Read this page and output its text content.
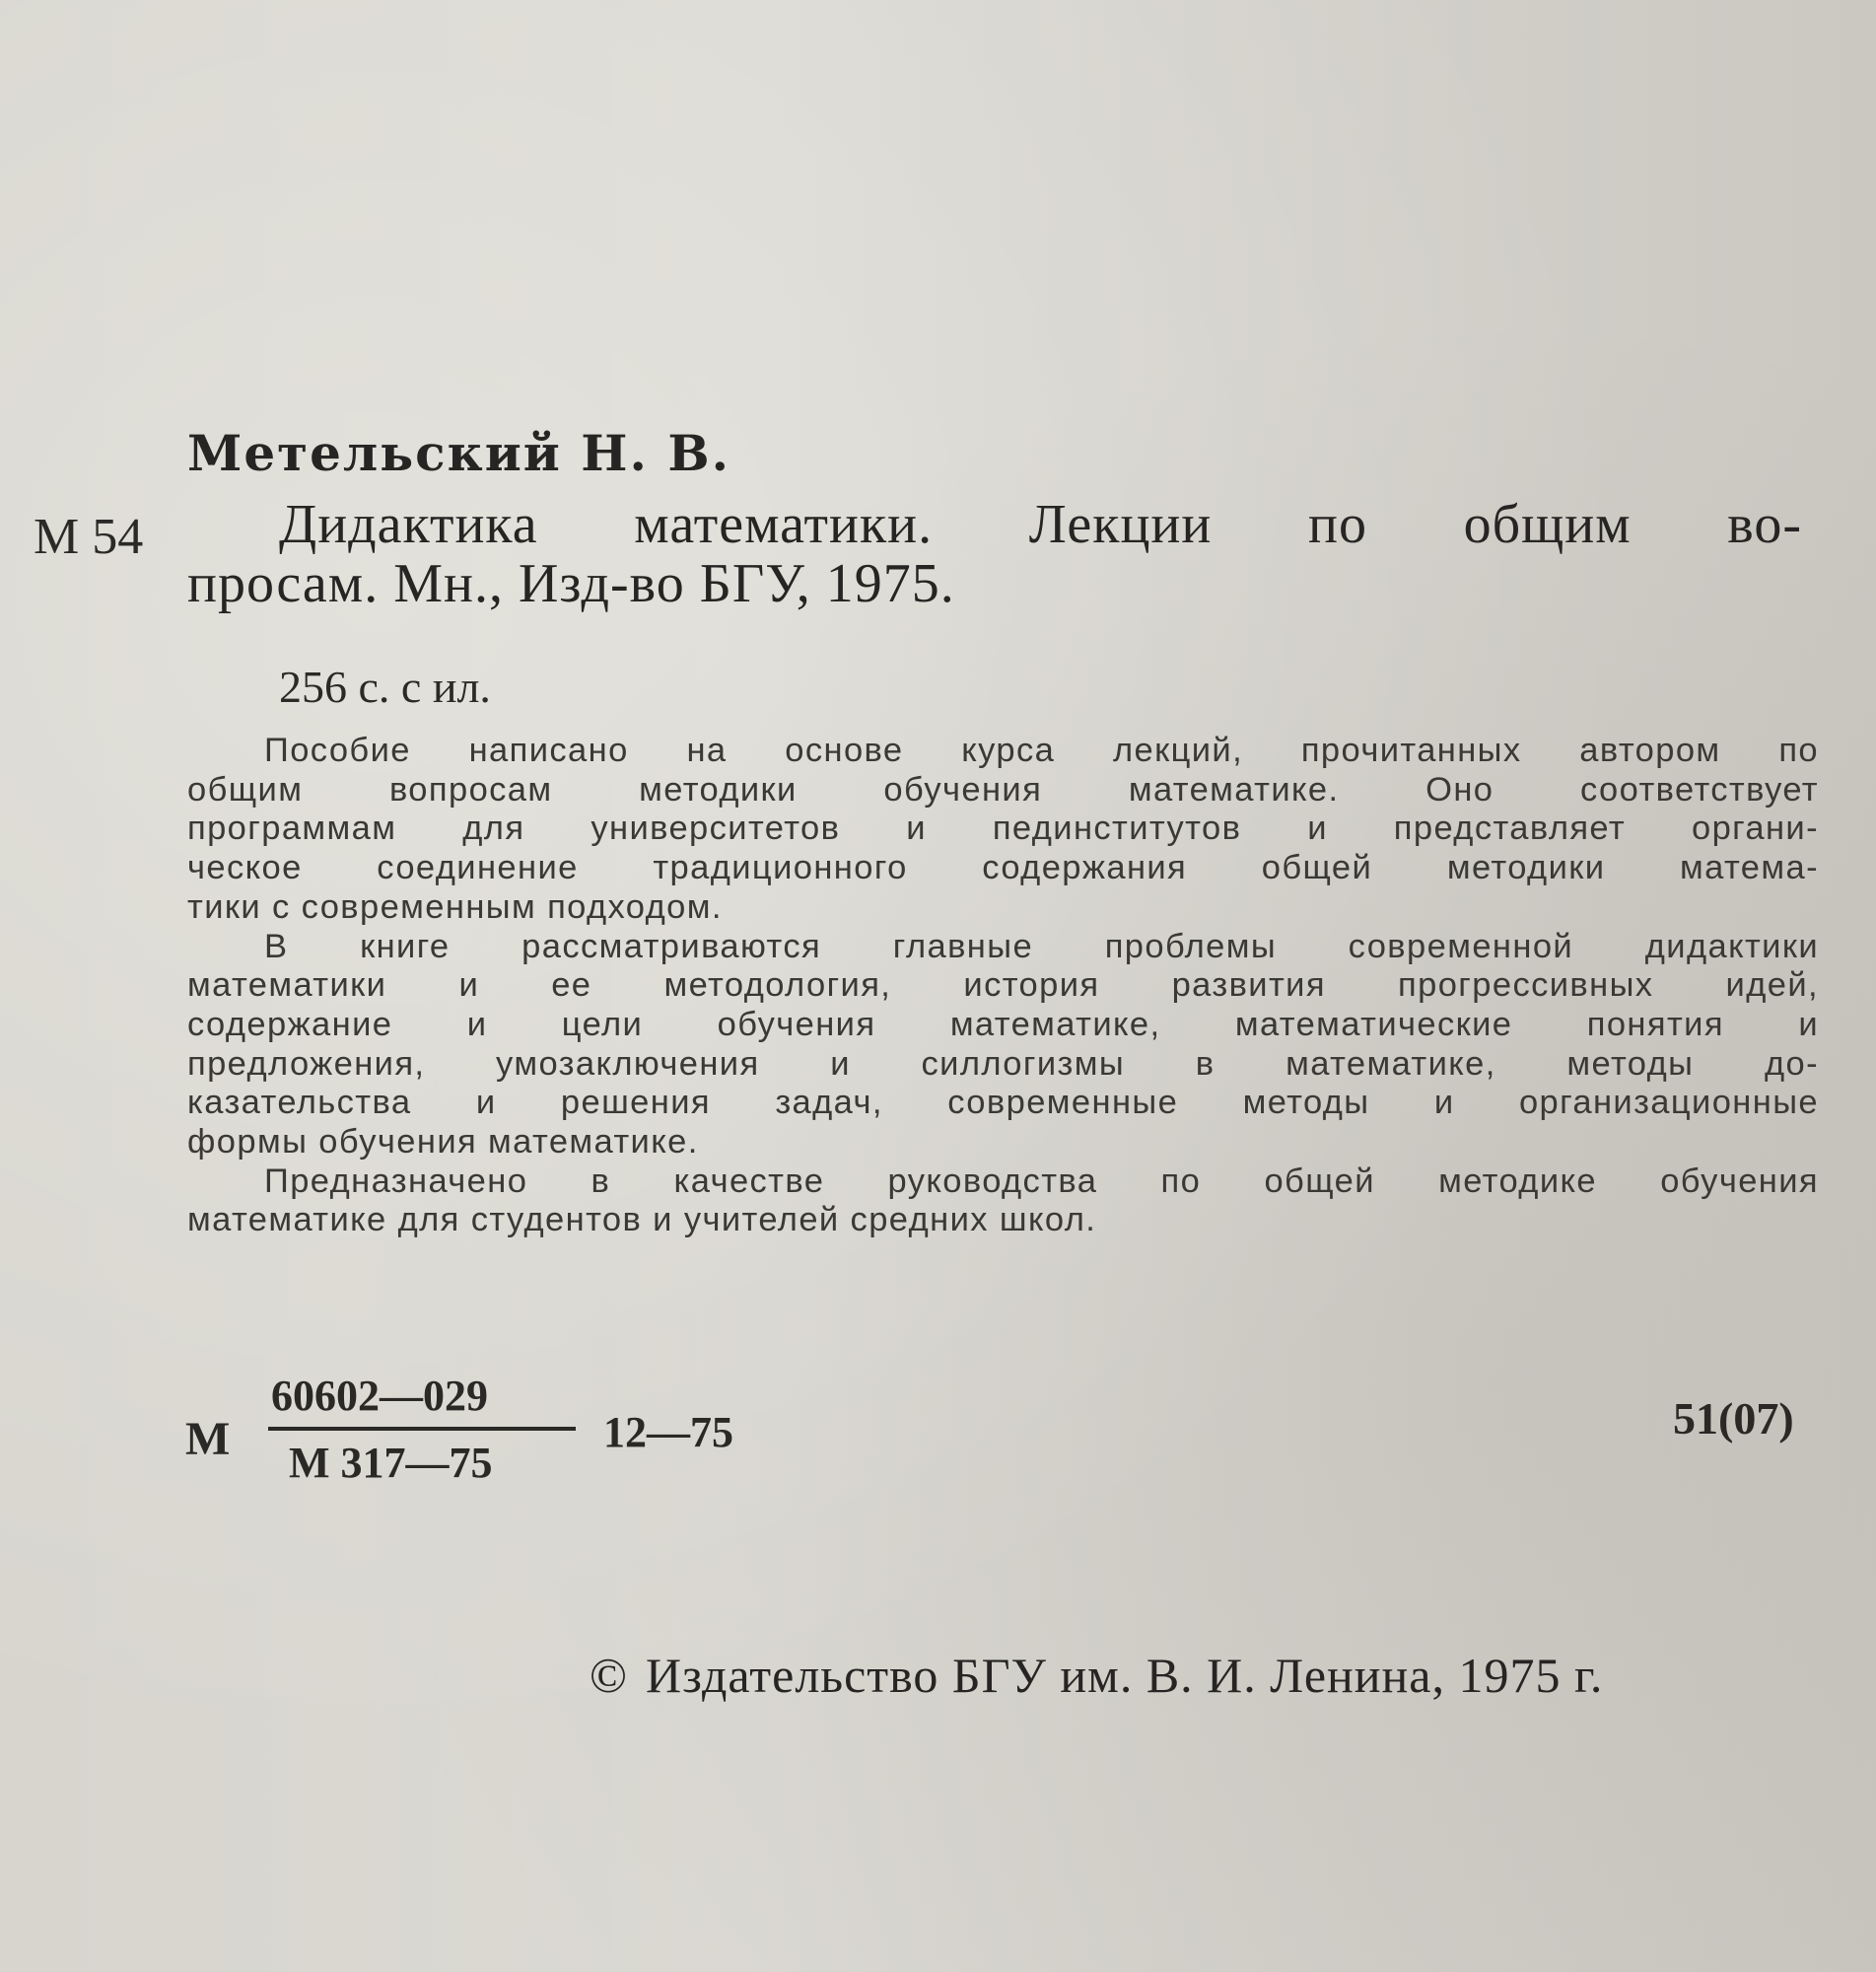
Метельский Н. В.
М 54 Дидактика математики. Лекции по общим во-
просам. Мн., Изд-во БГУ, 1975.
256 с. с ил.
Пособие написано на основе курса лекций, прочитанных автором по
общим вопросам методики обучения математике. Оно соответствует
программам для университетов и пединститутов и представляет органи-
ческое соединение традиционного содержания общей методики матема-
тики с современным подходом.
В книге рассматриваются главные проблемы современной дидактики
математики и ее методология, история развития прогрессивных идей,
содержание и цели обучения математике, математические понятия и
предложения, умозаключения и силлогизмы в математике, методы до-
казательства и решения задач, современные методы и организационные
формы обучения математике.
Предназначено в качестве руководства по общей методике обучения
математике для студентов и учителей средних школ.
М
60602—029
М 317—75
12—75	51(07)
© Издательство БГУ им. В. И. Ленина, 1975 г.
